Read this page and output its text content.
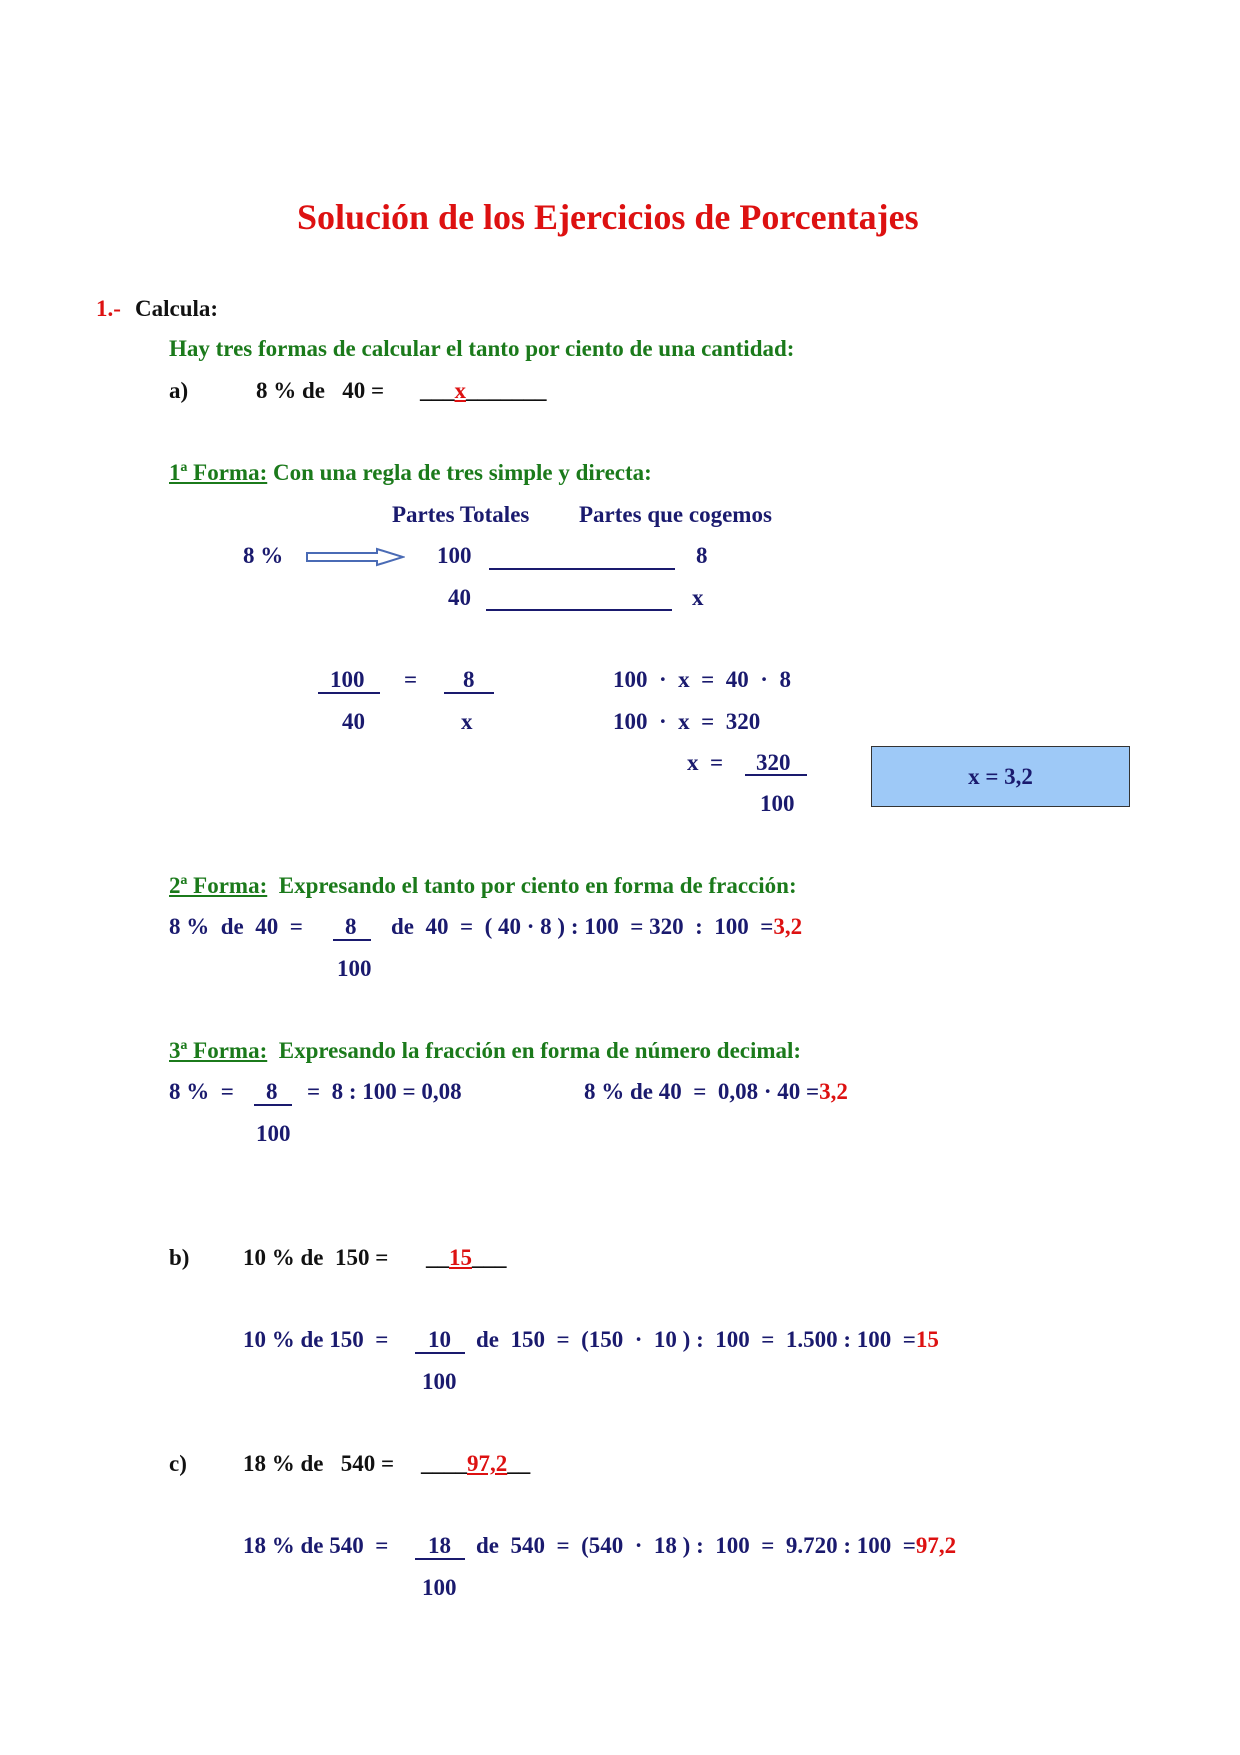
Solución de los Ejercicios de Porcentajes
1.- Calcula:
Hay tres formas de calcular el tanto por ciento de una cantidad:
a)	8 % de   40 = ___x_______
1ª Forma: Con una regla de tres simple y directa:
Partes Totales Partes que cogemos
8 %	100	8
40	x
100
40
= 8
x
100  ·  x  =  40  ·  8
100  ·  x  =  320
x  = 320
100
x = 3,2
2ª Forma:  Expresando el tanto por ciento en forma de fracción:
8 %  de  40  = 8
100
de  40  =  ( 40 · 8 ) : 100  = 320  :  100  =3,2
3ª Forma:  Expresando la fracción en forma de número decimal:
8 %  = 8
100
=  8 : 100 = 0,08	8 % de 40  =  0,08 · 40 =3,2
b) 10 % de  150 = __15___
10 % de 150  = 10
100
de  150  =  (150  ·  10 ) :  100  =  1.500 : 100  =15
c) 18 % de   540 = ____97,2__
18 % de 540  = 18
100
de  540  =  (540  ·  18 ) :  100  =  9.720 : 100  =97,2
